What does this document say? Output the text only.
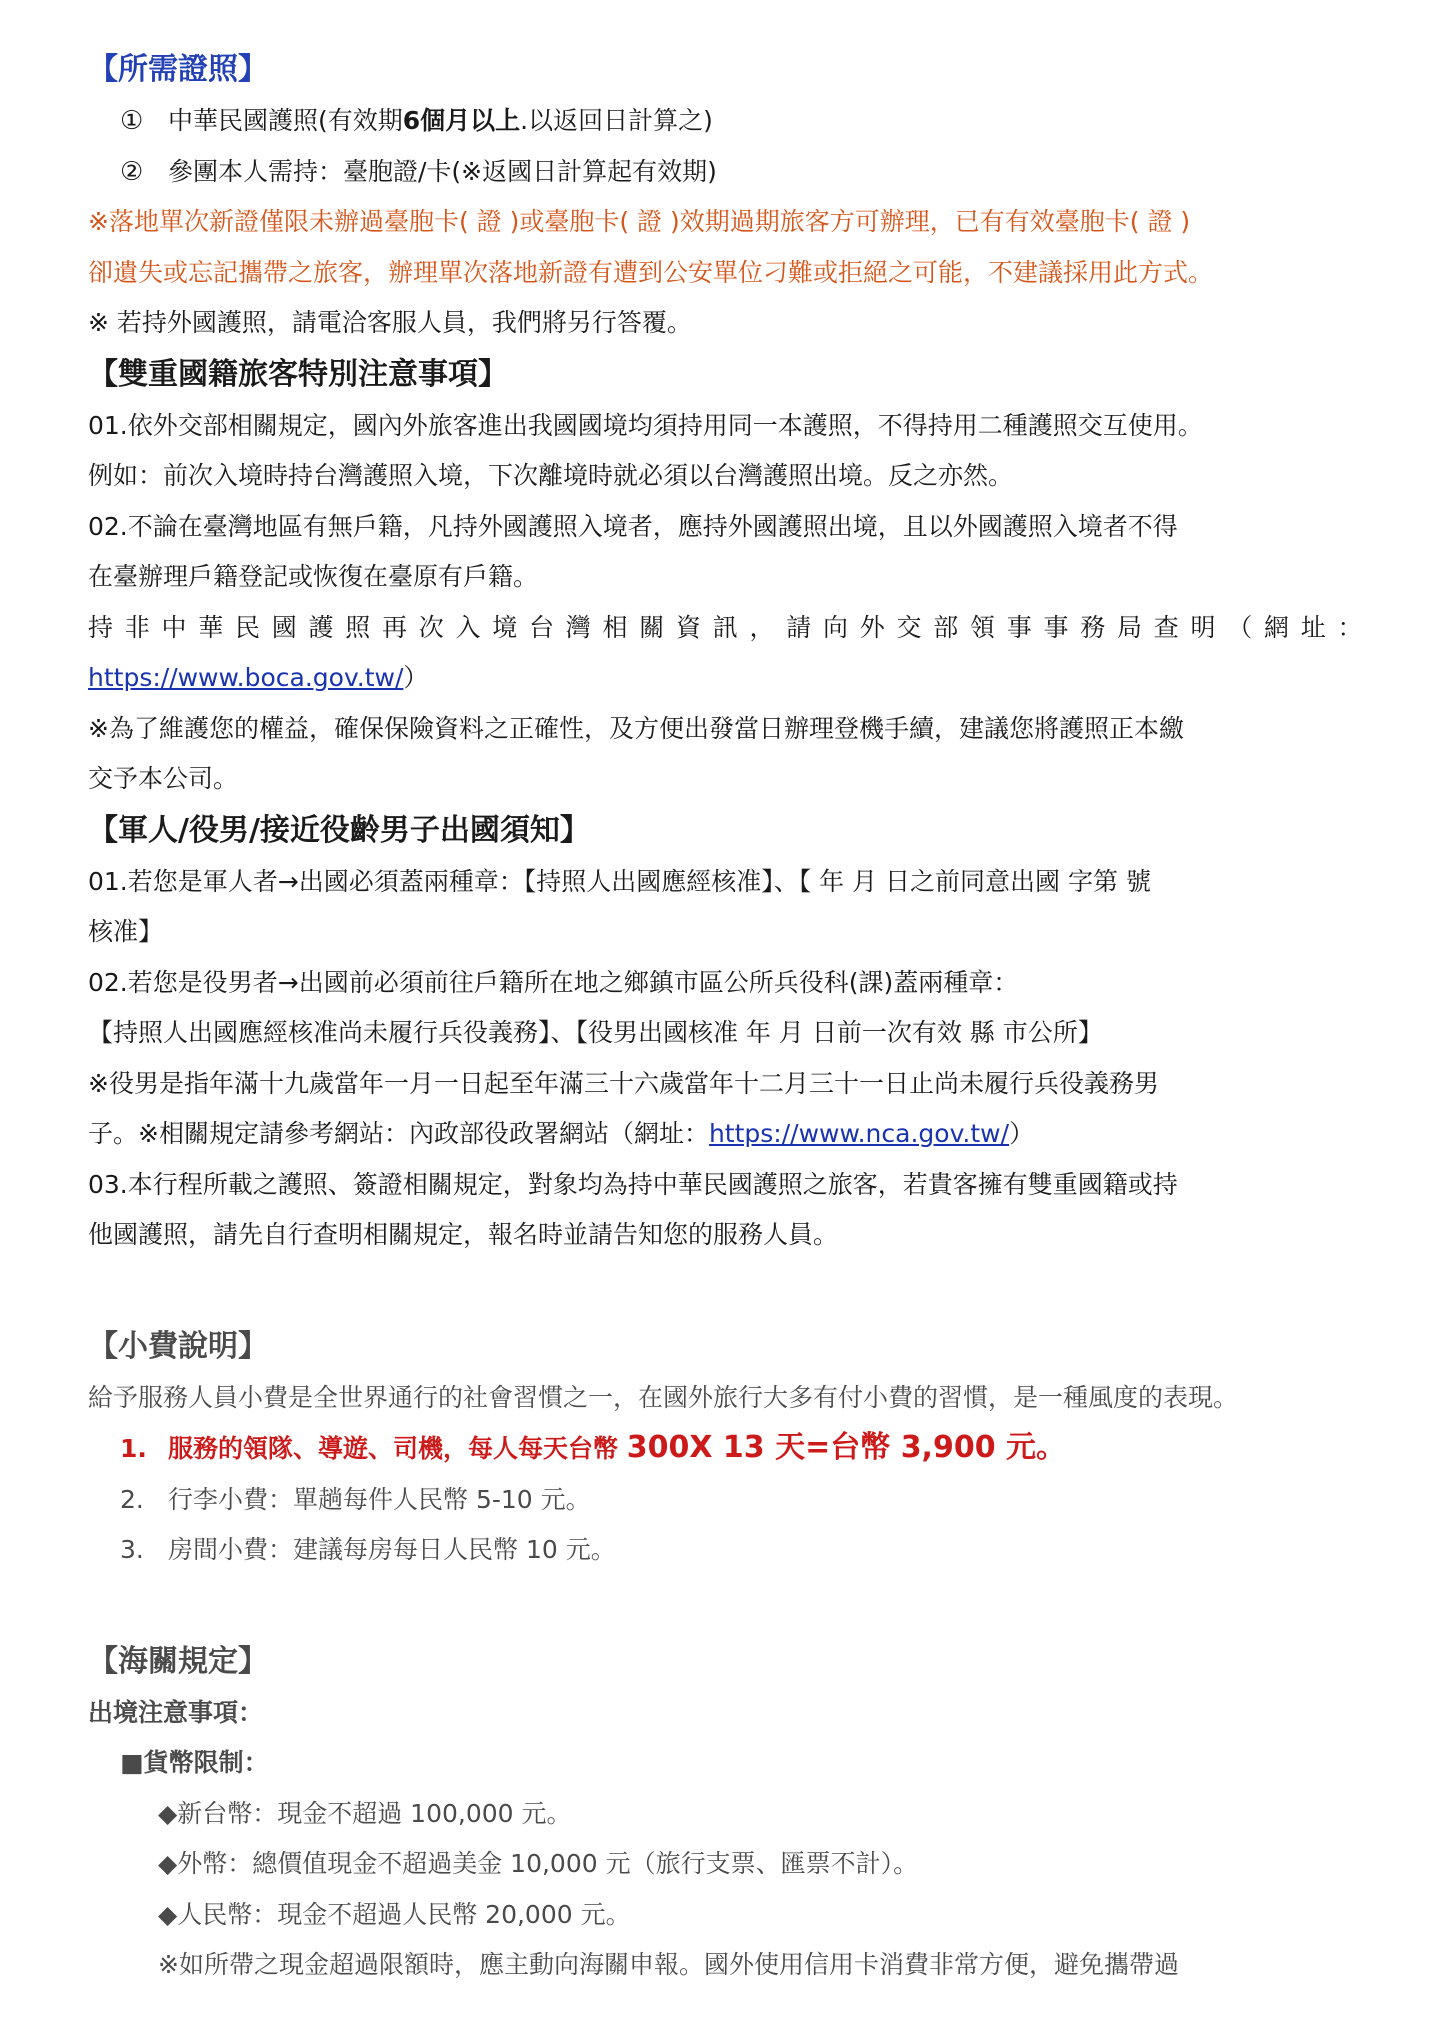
【所需證照】
① 中華民國護照(有效期6個月以上.以返回日計算之)
② 參團本人需持：臺胞證/卡(※返國日計算起有效期)
※落地單次新證僅限未辦過臺胞卡( 證 )或臺胞卡( 證 )效期過期旅客方可辦理，已有有效臺胞卡( 證 )
卻遺失或忘記攜帶之旅客，辦理單次落地新證有遭到公安單位刁難或拒絕之可能，不建議採用此方式。
※ 若持外國護照，請電洽客服人員，我們將另行答覆。
【雙重國籍旅客特別注意事項】
01.依外交部相關規定，國內外旅客進出我國國境均須持用同一本護照，不得持用二種護照交互使用。
例如：前次入境時持台灣護照入境，下次離境時就必須以台灣護照出境。反之亦然。
02.不論在臺灣地區有無戶籍，凡持外國護照入境者，應持外國護照出境，且以外國護照入境者不得
在臺辦理戶籍登記或恢復在臺原有戶籍。
持 非 中 華 民 國 護 照 再 次 入 境 台 灣 相 關 資 訊 ， 請 向 外 交 部 領 事 事 務 局 查 明 （ 網 址 ：
https://www.boca.gov.tw/）
※為了維護您的權益，確保保險資料之正確性，及方便出發當日辦理登機手續，建議您將護照正本繳
交予本公司。
【軍人/役男/接近役齡男子出國須知】
01.若您是軍人者→出國必須蓋兩種章：【持照人出國應經核准】、【 年 月 日之前同意出國 字第 號
核准】
02.若您是役男者→出國前必須前往戶籍所在地之鄉鎮市區公所兵役科(課)蓋兩種章：
【持照人出國應經核准尚未履行兵役義務】、【役男出國核准 年 月 日前一次有效 縣 市公所】
※役男是指年滿十九歲當年一月一日起至年滿三十六歲當年十二月三十一日止尚未履行兵役義務男
子。※相關規定請參考網站：內政部役政署網站（網址：https://www.nca.gov.tw/）
03.本行程所載之護照、簽證相關規定，對象均為持中華民國護照之旅客，若貴客擁有雙重國籍或持
他國護照，請先自行查明相關規定，報名時並請告知您的服務人員。
【小費說明】
給予服務人員小費是全世界通行的社會習慣之一，在國外旅行大多有付小費的習慣，是一種風度的表現。
1. 服務的領隊、導遊、司機，每人每天台幣 300X 13 天=台幣 3,900 元。
2. 行李小費：單趟每件人民幣 5-10 元。
3. 房間小費：建議每房每日人民幣 10 元。
【海關規定】
出境注意事項：
■貨幣限制：
◆新台幣：現金不超過 100,000 元。
◆外幣：總價值現金不超過美金 10,000 元（旅行支票、匯票不計）。
◆人民幣：現金不超過人民幣 20,000 元。
※如所帶之現金超過限額時，應主動向海關申報。國外使用信用卡消費非常方便，避免攜帶過
